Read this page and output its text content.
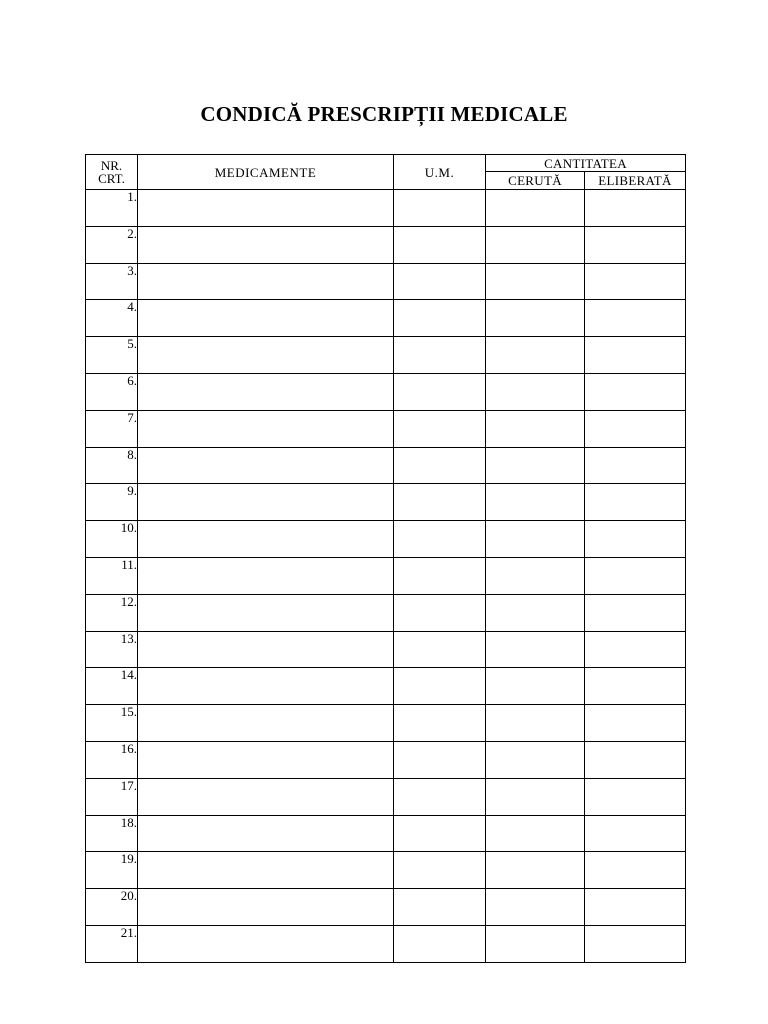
CONDICĂ PRESCRIPȚII MEDICALE
NR.
CRT.	MEDICAMENTE	U.M.	CANTITATEA	
			CERUTĂ	ELIBERATĂ
1.				
2.				
3.				
4.				
5.				
6.				
7.				
8.				
9.				
10.				
11.				
12.				
13.				
14.				
15.				
16.				
17.				
18.				
19.				
20.				
21.				
